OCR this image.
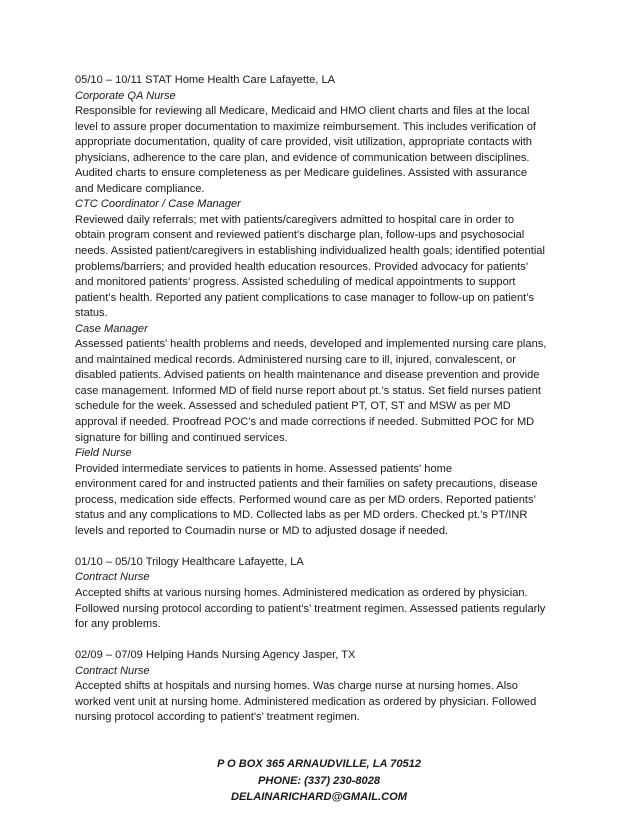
05/10 – 10/11 STAT Home Health Care Lafayette, LA
Corporate QA Nurse
Responsible for reviewing all Medicare, Medicaid and HMO client charts and files at the local
level to assure proper documentation to maximize reimbursement. This includes verification of
appropriate documentation, quality of care provided, visit utilization, appropriate contacts with
physicians, adherence to the care plan, and evidence of communication between disciplines.
Audited charts to ensure completeness as per Medicare guidelines. Assisted with assurance
and Medicare compliance.
CTC Coordinator / Case Manager
Reviewed daily referrals; met with patients/caregivers admitted to hospital care in order to
obtain program consent and reviewed patient's discharge plan, follow-ups and psychosocial
needs. Assisted patient/caregivers in establishing individualized health goals; identified potential
problems/barriers; and provided health education resources. Provided advocacy for patients’
and monitored patients’ progress. Assisted scheduling of medical appointments to support
patient’s health. Reported any patient complications to case manager to follow-up on patient’s
status.
Case Manager
Assessed patients’ health problems and needs, developed and implemented nursing care plans,
and maintained medical records. Administered nursing care to ill, injured, convalescent, or
disabled patients. Advised patients on health maintenance and disease prevention and provide
case management. Informed MD of field nurse report about pt.’s status. Set field nurses patient
schedule for the week. Assessed and scheduled patient PT, OT, ST and MSW as per MD
approval if needed. Proofread POC’s and made corrections if needed. Submitted POC for MD
signature for billing and continued services.
Field Nurse
Provided intermediate services to patients in home. Assessed patients' home
environment cared for and instructed patients and their families on safety precautions, disease
process, medication side effects. Performed wound care as per MD orders. Reported patients’
status and any complications to MD. Collected labs as per MD orders. Checked pt.’s PT/INR
levels and reported to Coumadin nurse or MD to adjusted dosage if needed.
01/10 – 05/10 Trilogy Healthcare Lafayette, LA
Contract Nurse
Accepted shifts at various nursing homes. Administered medication as ordered by physician.
Followed nursing protocol according to patient's’ treatment regimen. Assessed patients regularly
for any problems.
02/09 – 07/09 Helping Hands Nursing Agency Jasper, TX
Contract Nurse
Accepted shifts at hospitals and nursing homes. Was charge nurse at nursing homes. Also
worked vent unit at nursing home. Administered medication as ordered by physician. Followed
nursing protocol according to patient's’ treatment regimen.
P O BOX 365 ARNAUDVILLE, LA 70512
PHONE: (337) 230-8028
DELAINARICHARD@GMAIL.COM
